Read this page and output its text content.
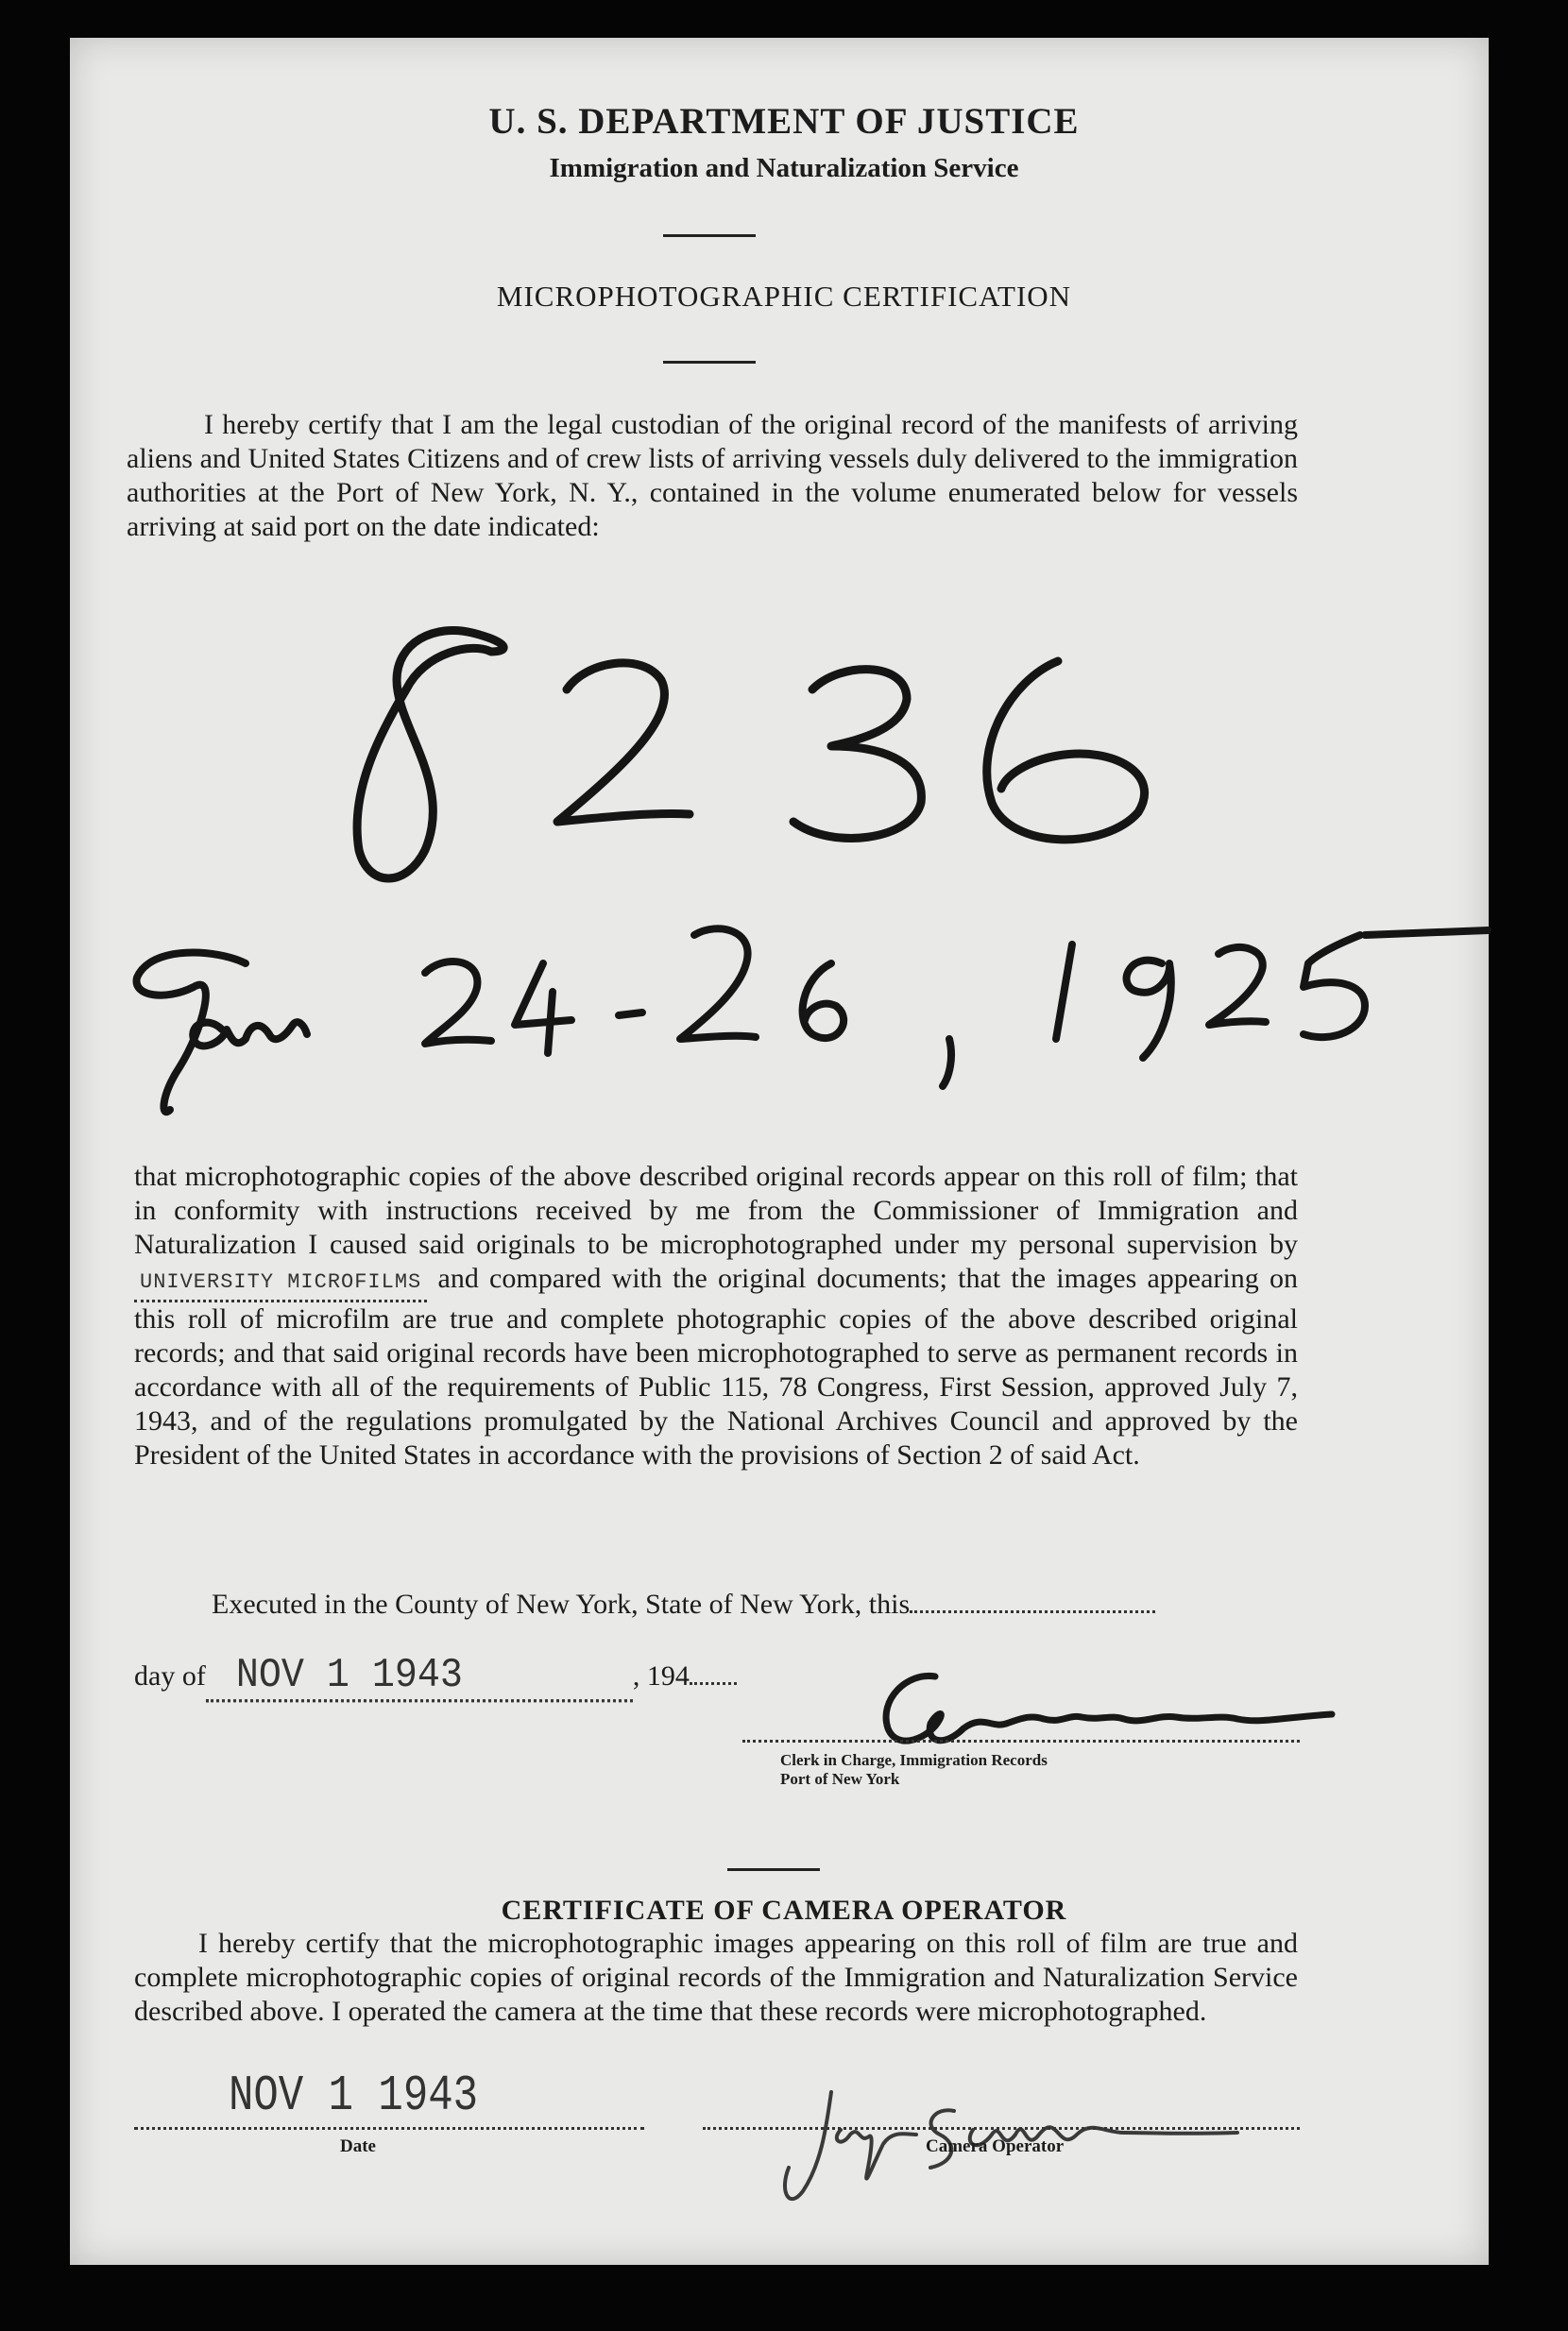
U. S. DEPARTMENT OF JUSTICE
Immigration and Naturalization Service
MICROPHOTOGRAPHIC CERTIFICATION
I hereby certify that I am the legal custodian of the original record of the manifests of arriving aliens and United States Citizens and of crew lists of arriving vessels duly delivered to the immigration authorities at the Port of New York, N. Y., contained in the volume enumerated below for vessels arriving at said port on the date indicated:
8236
that microphotographic copies of the above described original records appear on this roll of film; that in conformity with instructions received by me from the Commissioner of Immigration and Naturalization I caused said originals to be microphotographed under my personal supervision by UNIVERSITY MICROFILMS and compared with the original documents; that the images appearing on this roll of microfilm are true and complete photographic copies of the above described original records; and that said original records have been microphotographed to serve as permanent records in accordance with all of the requirements of Public 115, 78 Congress, First Session, approved July 7, 1943, and of the regulations promulgated by the National Archives Council and approved by the President of the United States in accordance with the provisions of Section 2 of said Act.
Executed in the County of New York, State of New York, this
day of NOV 1 1943	, 194	Geo. Bascom
Clerk in Charge, Immigration Records
Port of New York
CERTIFICATE OF CAMERA OPERATOR
I hereby certify that the microphotographic images appearing on this roll of film are true and complete microphotographic copies of original records of the Immigration and Naturalization Service described above. I operated the camera at the time that these records were microphotographed.
NOV 1 1943
Date
Joyce Schlosser
Camera Operator
